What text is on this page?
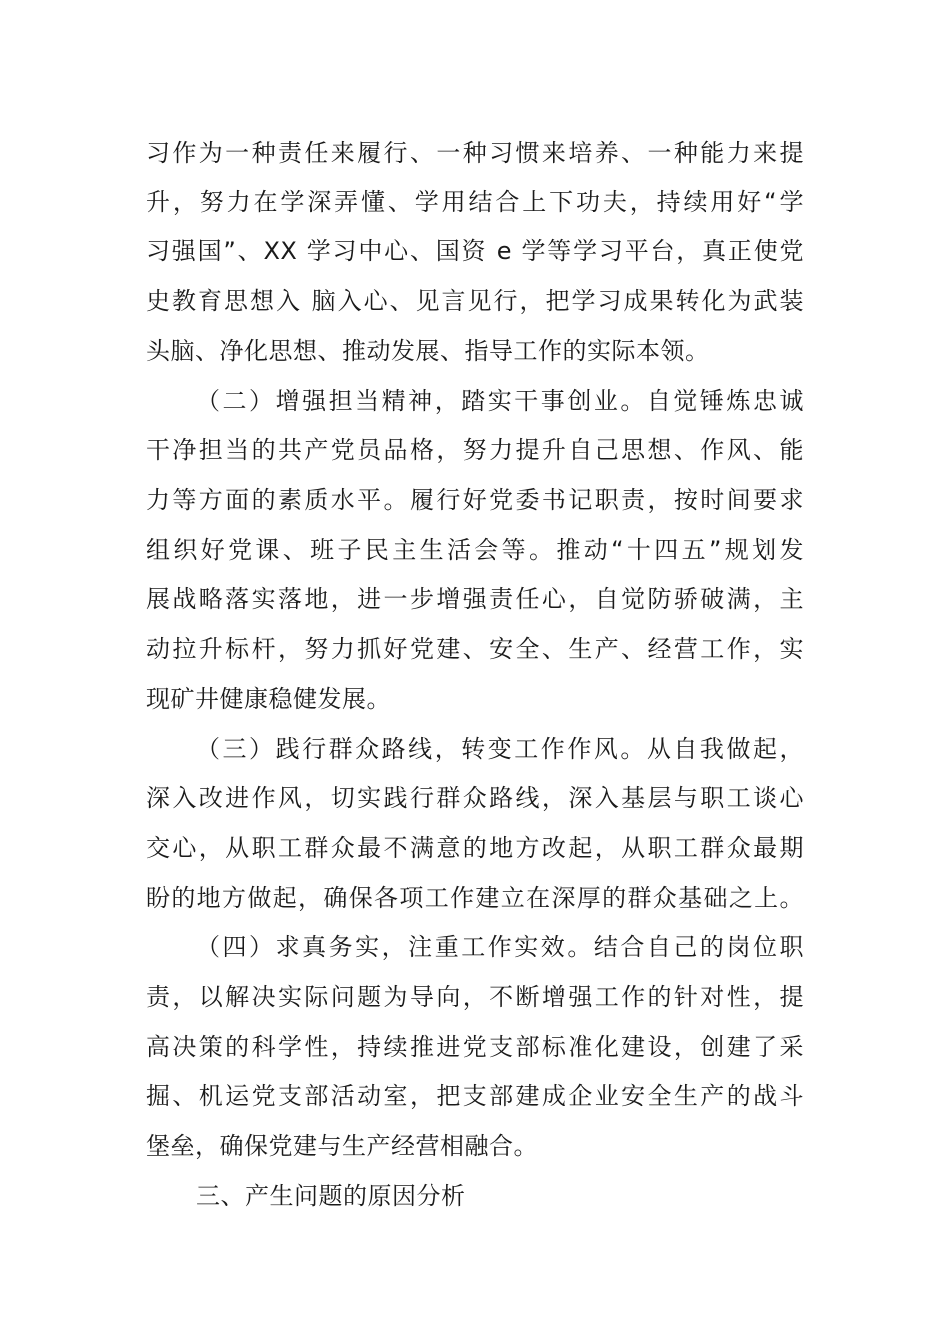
习作为一种责任来履行、一种习惯来培养、一种能力来提
升，努力在学深弄懂、学用结合上下功夫，持续用好“学
习强国”、XX 学习中心、国资 e 学等学习平台，真正使党
史教育思想入 脑入心、见言见行，把学习成果转化为武装
头脑、净化思想、推动发展、指导工作的实际本领。
（二）增强担当精神，踏实干事创业。自觉锤炼忠诚
干净担当的共产党员品格，努力提升自己思想、作风、能
力等方面的素质水平。履行好党委书记职责，按时间要求
组织好党课、班子民主生活会等。推动“十四五”规划发
展战略落实落地，进一步增强责任心，自觉防骄破满，主
动拉升标杆，努力抓好党建、安全、生产、经营工作，实
现矿井健康稳健发展。
（三）践行群众路线，转变工作作风。从自我做起，
深入改进作风，切实践行群众路线，深入基层与职工谈心
交心，从职工群众最不满意的地方改起，从职工群众最期
盼的地方做起，确保各项工作建立在深厚的群众基础之上。
（四）求真务实，注重工作实效。结合自己的岗位职
责，以解决实际问题为导向，不断增强工作的针对性，提
高决策的科学性，持续推进党支部标准化建设，创建了采
掘、机运党支部活动室，把支部建成企业安全生产的战斗
堡垒，确保党建与生产经营相融合。
三、产生问题的原因分析
